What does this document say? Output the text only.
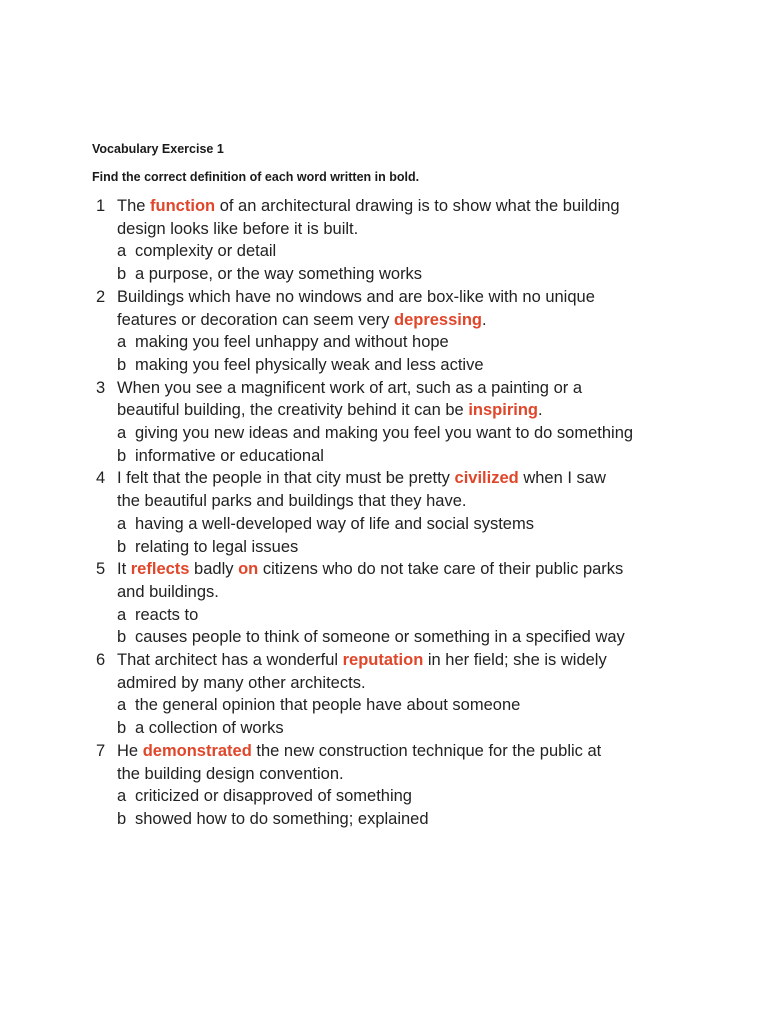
Vocabulary Exercise 1
Find the correct definition of each word written in bold.
1 The function of an architectural drawing is to show what the building
design looks like before it is built.
a complexity or detail
b a purpose, or the way something works
2 Buildings which have no windows and are box-like with no unique
features or decoration can seem very depressing.
a making you feel unhappy and without hope
b making you feel physically weak and less active
3 When you see a magnificent work of art, such as a painting or a
beautiful building, the creativity behind it can be inspiring.
a giving you new ideas and making you feel you want to do something
b informative or educational
4 I felt that the people in that city must be pretty civilized when I saw
the beautiful parks and buildings that they have.
a having a well-developed way of life and social systems
b relating to legal issues
5 It reflects badly on citizens who do not take care of their public parks
and buildings.
a reacts to
b causes people to think of someone or something in a specified way
6 That architect has a wonderful reputation in her field; she is widely
admired by many other architects.
a the general opinion that people have about someone
b a collection of works
7 He demonstrated the new construction technique for the public at
the building design convention.
a criticized or disapproved of something
b showed how to do something; explained
